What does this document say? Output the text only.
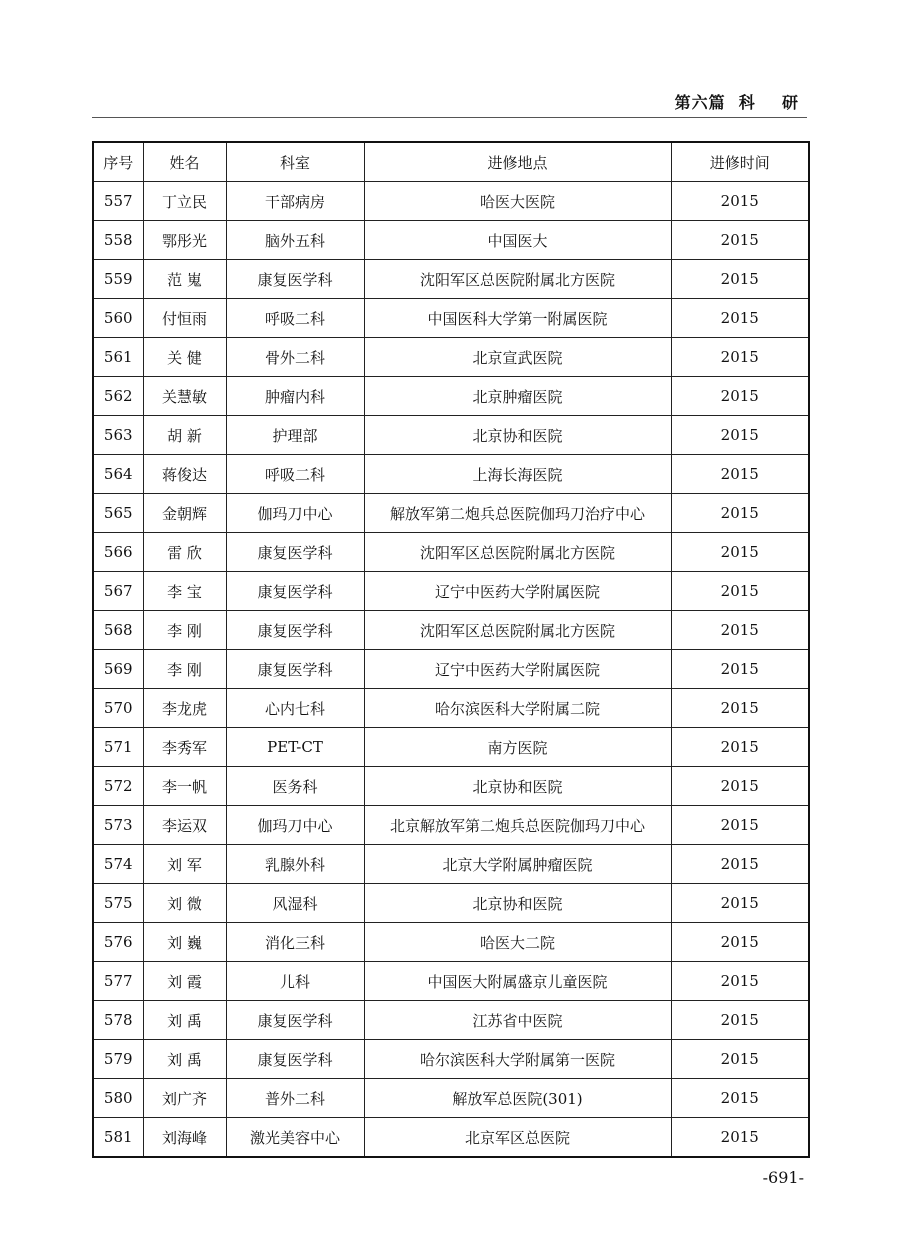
第六篇  科    研
序号	姓名	科室	进修地点	进修时间
557	丁立民	干部病房	哈医大医院	2015
558	鄂彤光	脑外五科	中国医大	2015
559	范 嵬	康复医学科	沈阳军区总医院附属北方医院	2015
560	付恒雨	呼吸二科	中国医科大学第一附属医院	2015
561	关 健	骨外二科	北京宣武医院	2015
562	关慧敏	肿瘤内科	北京肿瘤医院	2015
563	胡 新	护理部	北京协和医院	2015
564	蒋俊达	呼吸二科	上海长海医院	2015
565	金朝辉	伽玛刀中心	解放军第二炮兵总医院伽玛刀治疗中心	2015
566	雷 欣	康复医学科	沈阳军区总医院附属北方医院	2015
567	李 宝	康复医学科	辽宁中医药大学附属医院	2015
568	李 刚	康复医学科	沈阳军区总医院附属北方医院	2015
569	李 刚	康复医学科	辽宁中医药大学附属医院	2015
570	李龙虎	心内七科	哈尔滨医科大学附属二院	2015
571	李秀军	PET-CT	南方医院	2015
572	李一帆	医务科	北京协和医院	2015
573	李运双	伽玛刀中心	北京解放军第二炮兵总医院伽玛刀中心	2015
574	刘 军	乳腺外科	北京大学附属肿瘤医院	2015
575	刘 微	风湿科	北京协和医院	2015
576	刘 巍	消化三科	哈医大二院	2015
577	刘 霞	儿科	中国医大附属盛京儿童医院	2015
578	刘 禹	康复医学科	江苏省中医院	2015
579	刘 禹	康复医学科	哈尔滨医科大学附属第一医院	2015
580	刘广齐	普外二科	解放军总医院(301)	2015
581	刘海峰	激光美容中心	北京军区总医院	2015
-691-
